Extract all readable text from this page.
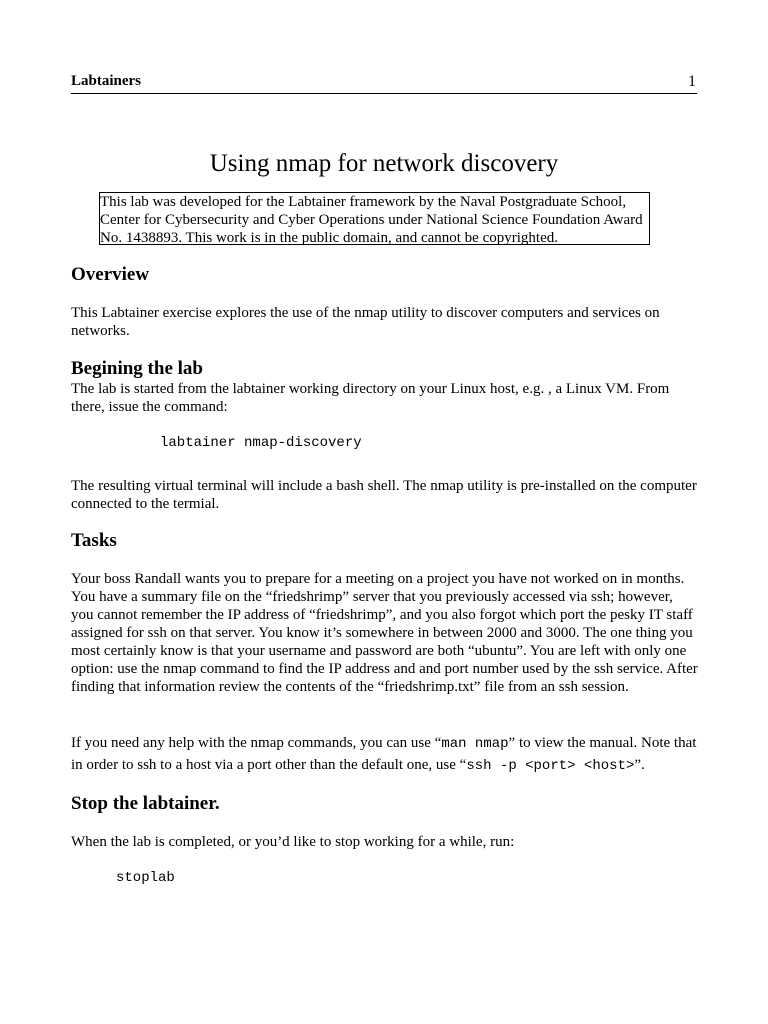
Labtainers	1
Using nmap for network discovery
This lab was developed for the Labtainer framework by the Naval Postgraduate School, Center for Cybersecurity and Cyber Operations under National Science Foundation Award No. 1438893. This work is in the public domain, and cannot be copyrighted.
Overview
This Labtainer exercise explores the use of the nmap utility to discover computers and services on networks.
Begining the lab
The lab is started from the labtainer working directory on your Linux host, e.g. , a Linux VM. From there, issue the command:
labtainer nmap-discovery
The resulting virtual terminal will include a bash shell. The nmap utility is pre-installed on the computer connected to the termial.
Tasks
Your boss Randall wants you to prepare for a meeting on a project you have not worked on in months. You have a summary file on the “friedshrimp” server that you previously accessed via ssh; however, you cannot remember the IP address of “friedshrimp”, and you also forgot which port the pesky IT staff assigned for ssh on that server. You know it’s somewhere in between 2000 and 3000. The one thing you most certainly know is that your username and password are both “ubuntu”. You are left with only one option: use the nmap command to find the IP address and and port number used by the ssh service. After finding that information review the contents of the “friedshrimp.txt” file from an ssh session.
If you need any help with the nmap commands, you can use “man nmap” to view the manual. Note that in order to ssh to a host via a port other than the default one, use “ssh -p <port> <host>”.
Stop the labtainer.
When the lab is completed, or you’d like to stop working for a while, run:
stoplab
